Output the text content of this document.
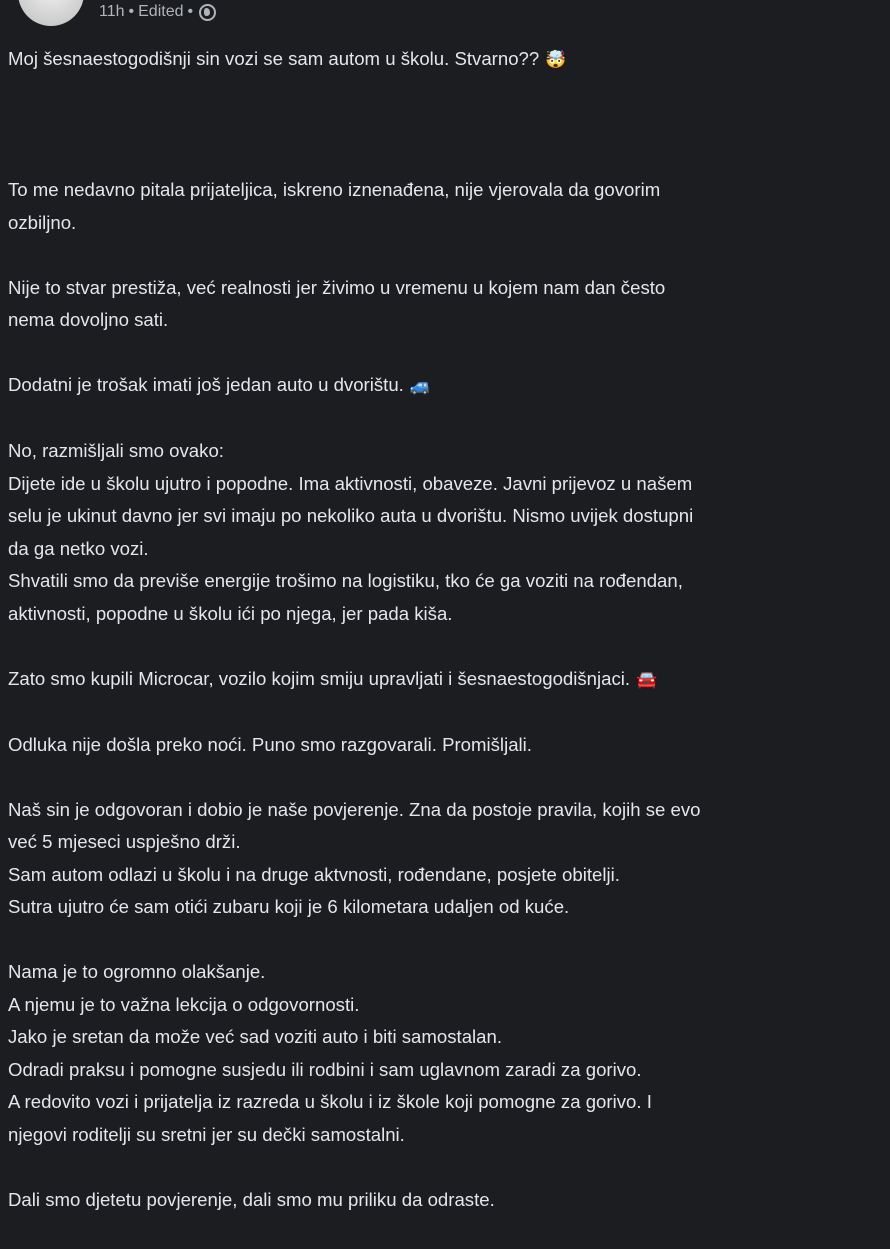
11h • Edited •
Moj šesnaestogodišnji sin vozi se sam autom u školu. Stvarno?? 🤯
To me nedavno pitala prijateljica, iskreno iznenađena, nije vjerovala da govorim
ozbiljno.
Nije to stvar prestiža, već realnosti jer živimo u vremenu u kojem nam dan često
nema dovoljno sati.
Dodatni je trošak imati još jedan auto u dvorištu. 🚙
No, razmišljali smo ovako:
Dijete ide u školu ujutro i popodne. Ima aktivnosti, obaveze. Javni prijevoz u našem
selu je ukinut davno jer svi imaju po nekoliko auta u dvorištu. Nismo uvijek dostupni
da ga netko vozi.
Shvatili smo da previše energije trošimo na logistiku, tko će ga voziti na rođendan,
aktivnosti, popodne u školu ići po njega, jer pada kiša.
Zato smo kupili Microcar, vozilo kojim smiju upravljati i šesnaestogodišnjaci. 🚘
Odluka nije došla preko noći. Puno smo razgovarali. Promišljali.
Naš sin je odgovoran i dobio je naše povjerenje. Zna da postoje pravila, kojih se evo
već 5 mjeseci uspješno drži.
Sam autom odlazi u školu i na druge aktvnosti, rođendane, posjete obitelji.
Sutra ujutro će sam otići zubaru koji je 6 kilometara udaljen od kuće.
Nama je to ogromno olakšanje.
A njemu je to važna lekcija o odgovornosti.
Jako je sretan da može već sad voziti auto i biti samostalan.
Odradi praksu i pomogne susjedu ili rodbini i sam uglavnom zaradi za gorivo.
A redovito vozi i prijatelja iz razreda u školu i iz škole koji pomogne za gorivo. I
njegovi roditelji su sretni jer su dečki samostalni.
Dali smo djetetu povjerenje, dali smo mu priliku da odraste.
